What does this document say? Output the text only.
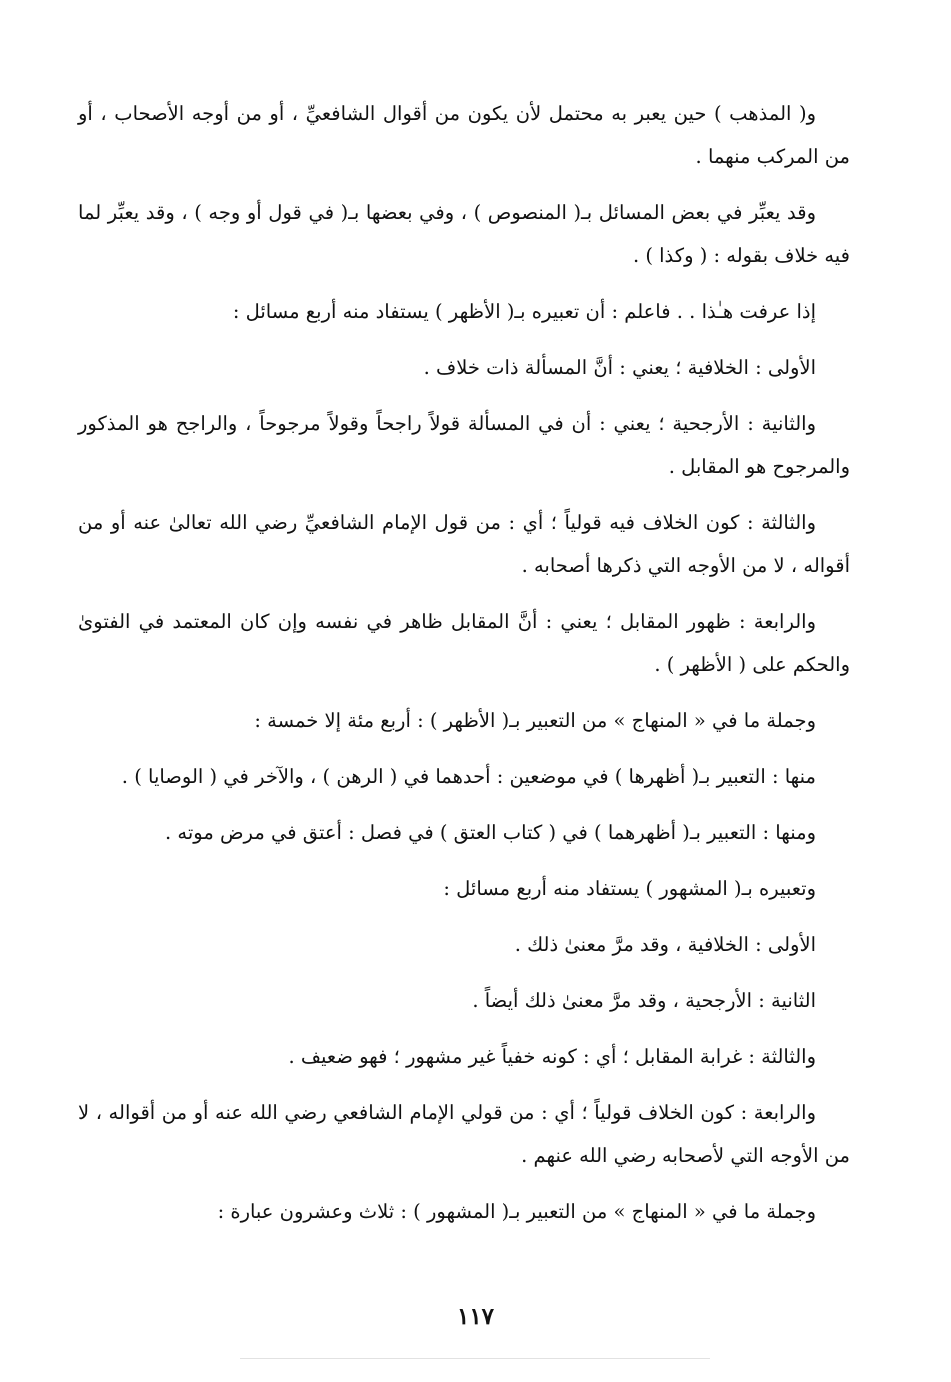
و( المذهب ) حين يعبر به محتمل لأن يكون من أقوال الشافعيِّ ، أو من أوجه الأصحاب ، أو من المركب منهما .

وقد يعبِّر في بعض المسائل بـ( المنصوص ) ، وفي بعضها بـ( في قول أو وجه ) ، وقد يعبِّر لما فيه خلاف بقوله : ( وكذا ) .

إذا عرفت هـٰذا . . فاعلم : أن تعبيره بـ( الأظهر ) يستفاد منه أربع مسائل :

الأولى : الخلافية ؛ يعني : أنَّ المسألة ذات خلاف .

والثانية : الأرجحية ؛ يعني : أن في المسألة قولاً راجحاً وقولاً مرجوحاً ، والراجح هو المذكور والمرجوح هو المقابل .

والثالثة : كون الخلاف فيه قولياً ؛ أي : من قول الإمام الشافعيِّ رضي الله تعالىٰ عنه أو من أقواله ، لا من الأوجه التي ذكرها أصحابه .

والرابعة : ظهور المقابل ؛ يعني : أنَّ المقابل ظاهر في نفسه وإن كان المعتمد في الفتوىٰ والحكم على ( الأظهر ) .

وجملة ما في « المنهاج » من التعبير بـ( الأظهر ) : أربع مئة إلا خمسة :

منها : التعبير بـ( أظهرها ) في موضعين : أحدهما في ( الرهن ) ، والآخر في ( الوصايا ) .

ومنها : التعبير بـ( أظهرهما ) في ( كتاب العتق ) في فصل : أعتق في مرض موته .

وتعبيره بـ( المشهور ) يستفاد منه أربع مسائل :

الأولى : الخلافية ، وقد مرَّ معنىٰ ذلك .

الثانية : الأرجحية ، وقد مرَّ معنىٰ ذلك أيضاً .

والثالثة : غرابة المقابل ؛ أي : كونه خفياً غير مشهور ؛ فهو ضعيف .

والرابعة : كون الخلاف قولياً ؛ أي : من قولي الإمام الشافعي رضي الله عنه أو من أقواله ، لا من الأوجه التي لأصحابه رضي الله عنهم .

وجملة ما في « المنهاج » من التعبير بـ( المشهور ) : ثلاث وعشرون عبارة :

١١٧
